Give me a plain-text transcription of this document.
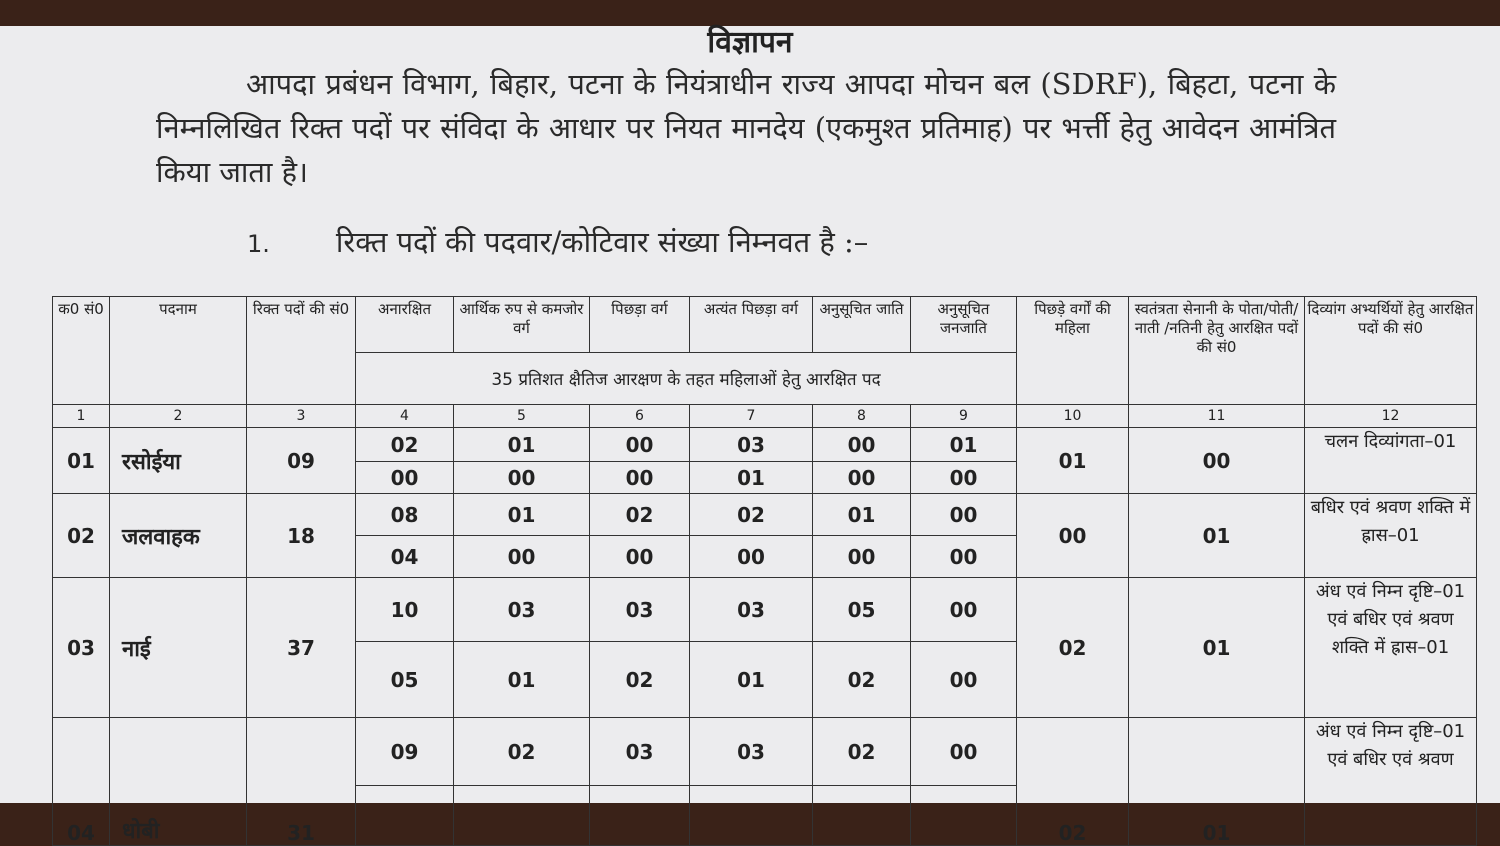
विज्ञापन
आपदा प्रबंधन विभाग, बिहार, पटना के नियंत्राधीन राज्य आपदा मोचन बल (SDRF), बिहटा, पटना के निम्नलिखित रिक्त पदों पर संविदा के आधार पर नियत मानदेय (एकमुश्त प्रतिमाह) पर भर्त्ती हेतु आवेदन आमंत्रित किया जाता है।
1. रिक्त पदों की पदवार/कोटिवार संख्या निम्नवत है :–
क0 सं0	पदनाम	रिक्त पदों की सं0	अनारक्षित	आर्थिक रुप से कमजोर वर्ग	पिछड़ा वर्ग	अत्यंत पिछड़ा वर्ग	अनुसूचित जाति	अनुसूचित जनजाति	पिछड़े वर्गों की महिला	स्वतंत्रता सेनानी के पोता/पोती/नाती /नतिनी हेतु आरक्षित पदों की सं0	दिव्यांग अभ्यर्थियों हेतु आरक्षित पदों की सं0
			35 प्रतिशत क्षैतिज आरक्षण के तहत महिलाओं हेतु आरक्षित पद								
1	2	3	4	5	6	7	8	9	10	11	12
01	रसोईया	09	02	01	00	03	00	01	01	00	चलन दिव्यांगता–01
			00	00	00	01	00	00			
02	जलवाहक	18	08	01	02	02	01	00	00	01	बधिर एवं श्रवण शक्ति में ह्रास–01
			04	00	00	00	00	00			
03	नाई	37	10	03	03	03	05	00	02	01	अंध एवं निम्न दृष्टि–01 एवं बधिर एवं श्रवण शक्ति में ह्रास–01
			05	01	02	01	02	00			
04	धोबी	31	09	02	03	03	02	00	02	01	अंध एवं निम्न दृष्टि–01 एवं बधिर एवं श्रवण
